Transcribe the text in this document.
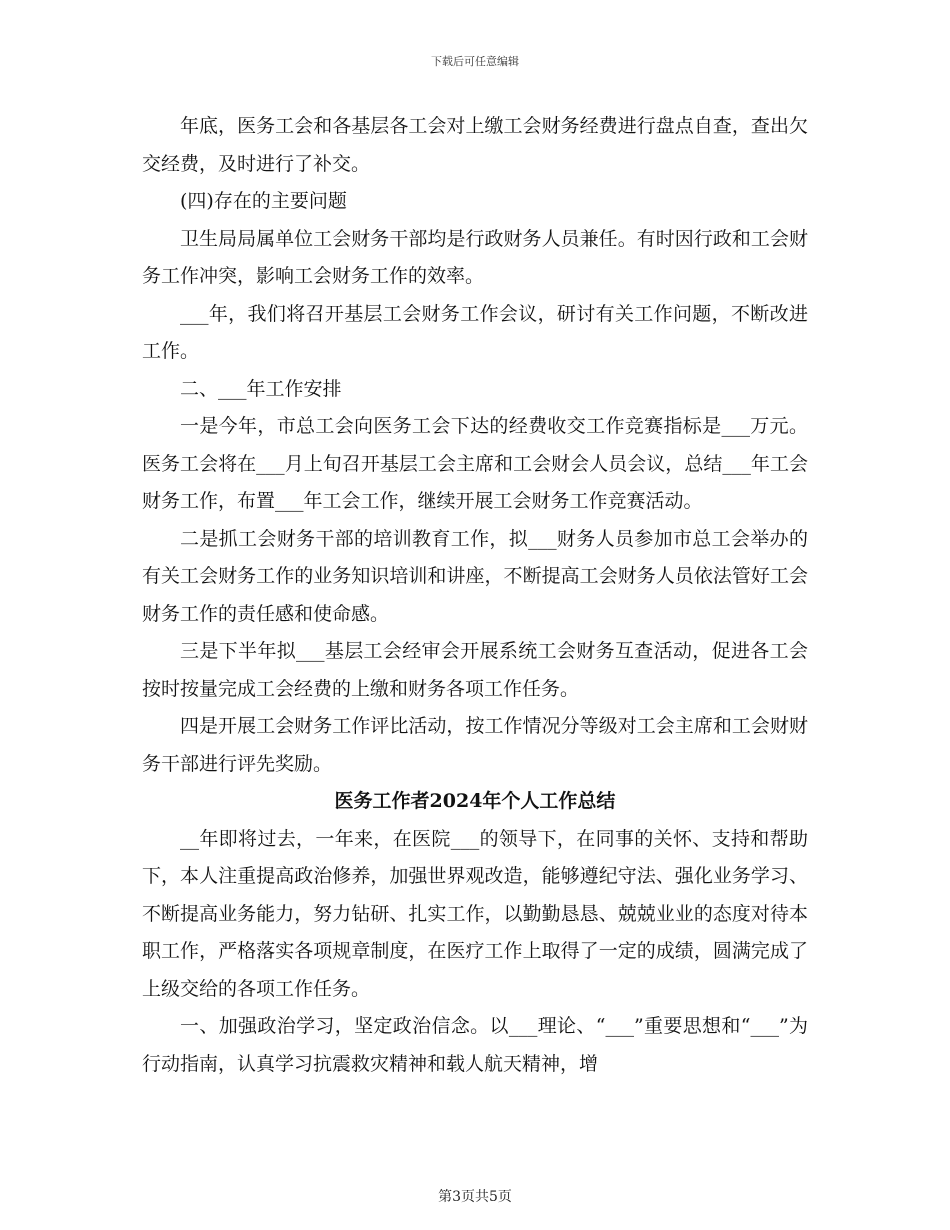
下载后可任意编辑

年底，医务工会和各基层各工会对上缴工会财务经费进行盘点自查，查出欠交经费，及时进行了补交。

(四)存在的主要问题

卫生局局属单位工会财务干部均是行政财务人员兼任。有时因行政和工会财务工作冲突，影响工会财务工作的效率。

___年，我们将召开基层工会财务工作会议，研讨有关工作问题，不断改进工作。

二、___年工作安排

一是今年，市总工会向医务工会下达的经费收交工作竞赛指标是___万元。医务工会将在___月上旬召开基层工会主席和工会财会人员会议，总结___年工会财务工作，布置___年工会工作，继续开展工会财务工作竞赛活动。

二是抓工会财务干部的培训教育工作，拟___财务人员参加市总工会举办的有关工会财务工作的业务知识培训和讲座，不断提高工会财务人员依法管好工会财务工作的责任感和使命感。

三是下半年拟___基层工会经审会开展系统工会财务互查活动，促进各工会按时按量完成工会经费的上缴和财务各项工作任务。

四是开展工会财务工作评比活动，按工作情况分等级对工会主席和工会财财务干部进行评先奖励。

医务工作者2024年个人工作总结

__年即将过去，一年来，在医院___的领导下，在同事的关怀、支持和帮助下，本人注重提高政治修养，加强世界观改造，能够遵纪守法、强化业务学习、不断提高业务能力，努力钻研、扎实工作，以勤勤恳恳、兢兢业业的态度对待本职工作，严格落实各项规章制度，在医疗工作上取得了一定的成绩，圆满完成了上级交给的各项工作任务。

一、加强政治学习，坚定政治信念。以___理论、“___”重要思想和“___”为行动指南，认真学习抗震救灾精神和载人航天精神，增

第3页共5页
